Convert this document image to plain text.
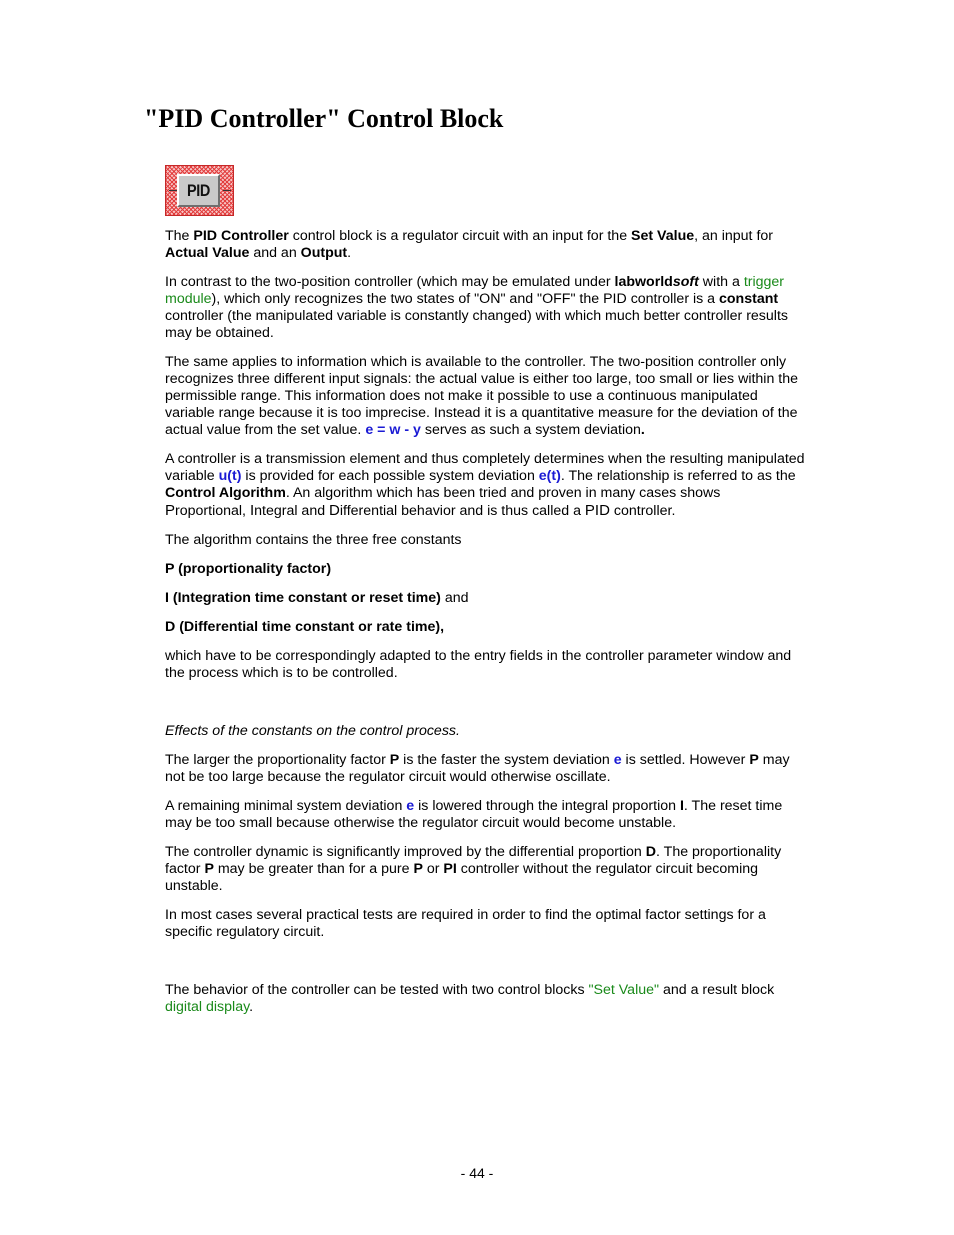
"PID Controller" Control Block
PID

The PID Controller control block is a regulator circuit with an input for the Set Value, an input for Actual Value and an Output.

In contrast to the two-position controller (which may be emulated under labworldsoft with a trigger module), which only recognizes the two states of "ON" and "OFF" the PID controller is a constant controller (the manipulated variable is constantly changed) with which much better controller results may be obtained.

The same applies to information which is available to the controller. The two-position controller only recognizes three different input signals: the actual value is either too large, too small or lies within the permissible range. This information does not make it possible to use a continuous manipulated variable range because it is too imprecise. Instead it is a quantitative measure for the deviation of the actual value from the set value. e = w - y serves as such a system deviation.

A controller is a transmission element and thus completely determines when the resulting manipulated variable u(t) is provided for each possible system deviation e(t). The relationship is referred to as the Control Algorithm. An algorithm which has been tried and proven in many cases shows Proportional, Integral and Differential behavior and is thus called a PID controller.

The algorithm contains the three free constants

P (proportionality factor)

I (Integration time constant or reset time) and

D (Differential time constant or rate time),

which have to be correspondingly adapted to the entry fields in the controller parameter window and the process which is to be controlled.

Effects of the constants on the control process.

The larger the proportionality factor P is the faster the system deviation e is settled. However P may not be too large because the regulator circuit would otherwise oscillate.

A remaining minimal system deviation e is lowered through the integral proportion I. The reset time may be too small because otherwise the regulator circuit would become unstable.

The controller dynamic is significantly improved by the differential proportion D. The proportionality factor P may be greater than for a pure P or PI controller without the regulator circuit becoming unstable.

In most cases several practical tests are required in order to find the optimal factor settings for a specific regulatory circuit.

The behavior of the controller can be tested with two control blocks "Set Value" and a result block digital display.

- 44 -
